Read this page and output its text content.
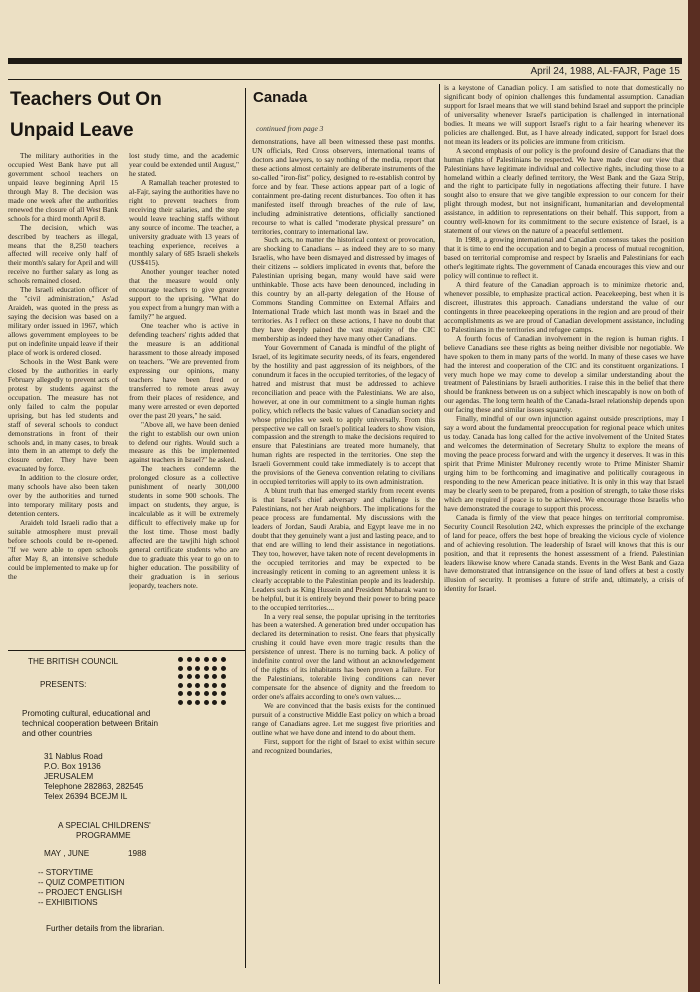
April 24, 1988, AL-FAJR, Page 15
Teachers Out On
Unpaid Leave

The military authorities in the occupied West Bank have put all government school teachers on unpaid leave beginning April 15 through May 8. The decision was made one week after the authorities renewed the closure of all West Bank schools for a third month April 8.

The decision, which was described by teachers as illegal, means that the 8,250 teachers affected will receive only half of their month's salary for April and will receive no further salary as long as schools remained closed.

The Israeli education officer of the "civil administration," As'ad Araideh, was quoted in the press as saying the decision was based on a military order issued in 1967, which allows government employees to be put on indefinite unpaid leave if their place of work is ordered closed.

Schools in the West Bank were closed by the authorities in early February allegedly to prevent acts of protest by students against the occupation. The measure has not only failed to calm the popular uprising, but has led students and staff of several schools to conduct demonstrations in front of their schools and, in many cases, to break into them in an attempt to defy the closure order. They have been evacuated by force.

In addition to the closure order, many schools have also been taken over by the authorities and turned into temporary military posts and detention centers.

Araideh told Israeli radio that a suitable atmosphere must prevail before schools could be re-opened. "If we were able to open schools after May 8, an intensive schedule could be implemented to make up for the

lost study time, and the academic year could be extended until August," he stated.

A Ramallah teacher protested to al-Fajr, saying the authorities have no right to prevent teachers from receiving their salaries, and the step would leave teaching staffs without any source of income. The teacher, a university graduate with 13 years of teaching experience, receives a monthly salary of 685 Israeli shekels (US$415).

Another younger teacher noted that the measure would only encourage teachers to give greater support to the uprising. "What do you expect from a hungry man with a family?" he argued.

One teacher who is active in defending teachers' rights added that the measure is an additional harassment to those already imposed on teachers. "We are prevented from expressing our opinions, many teachers have been fired or transferred to remote areas away from their places of residence, and many were arrested or even deported over the past 20 years," he said.

"Above all, we have been denied the right to establish our own union to defend our rights. Would such a measure as this be implemented against teachers in Israel?" he asked.

The teachers condemn the prolonged closure as a collective punishment of nearly 300,000 students in some 900 schools. The impact on students, they argue, is incalculable as it will be extremely difficult to effectively make up for the lost time. Those most badly affected are the tawjihi high school general certificate students who are due to graduate this year to go on to higher education. The possibility of their graduation is in serious jeopardy, teachers note.

THE BRITISH COUNCIL
PRESENTS:
Promoting cultural, educational and technical cooperation between Britain and other countries
31 Nablus Road
P.O. Box 19136
JERUSALEM
Telephone 282863, 282545
Telex 26394 BCEJM IL
A SPECIAL CHILDRENS'
PROGRAMME
MAY , JUNE	1988
-- STORYTIME
-- QUIZ COMPETITION
-- PROJECT ENGLISH
-- EXHIBITIONS
Further details from the librarian.
Canada
continued from page 3

demonstrations, have all been witnessed these past months. UN officials, Red Cross observers, international teams of doctors and lawyers, to say nothing of the media, report that these actions almost certainly are deliberate instruments of the so-called "iron-fist" policy, designed to re-establish control by force and by fear. These actions appear part of a logic of containment pre-dating recent disturbances. Too often it has manifested itself through breaches of the rule of law, including administrative detentions, officially sanctioned recourse to what is called "moderate physical pressure" on territories, contrary to international law.

Such acts, no matter the historical context or provocation, are shocking to Canadians -- as indeed they are to so many Israelis, who have been dismayed and distressed by images of their citizens -- soldiers implicated in events that, before the Palestinian uprising began, many would have said were unthinkable. Those acts have been denounced, including in this country by an all-party delegation of the House of Commons Standing Committee on External Affairs and International Trade which last month was in Israel and the territories. As I reflect on these actions, I have no doubt that they have deeply pained the vast majority of the CIC membership as indeed they have many other Canadians.

Your Government of Canada is mindful of the plight of Israel, of its legitimate security needs, of its fears, engendered by the hostility and past aggression of its neighbors, of the conundrum it faces in the occupied territories, of the legacy of hatred and mistrust that must be addressed to achieve reconciliation and peace with the Palestinians. We are also, however, at one in our commitment to a single human rights policy, which reflects the basic values of Canadian society and whose principles we seek to apply universally. From this perspective we call on Israel's political leaders to show vision, compassion and the strength to make the decisions required to ensure that Palestinians are treated more humanely, that human rights are respected in the territories. One step the Israeli Government could take immediately is to accept that the provisions of the Geneva convention relating to civilians in occupied territories will apply to its own administration.

A blunt truth that has emerged starkly from recent events is that Israel's chief adversary and challenge is the Palestinians, not her Arab neighbors. The implications for the peace process are fundamental. My discussions with the leaders of Jordan, Saudi Arabia, and Egypt leave me in no doubt that they genuinely want a just and lasting peace, and to that end are willing to lend their assistance in negotiations. They too, however, have taken note of recent developments in the occupied territories and may be expected to be increasingly reticent in coming to an agreement unless it is clearly acceptable to the Palestinian people and its leadership. Leaders such as King Hussein and President Mubarak want to be helpful, but it is entirely beyond their power to bring peace to the occupied territories....

In a very real sense, the popular uprising in the territories has been a watershed. A generation bred under occupation has declared its determination to resist. One fears that physically crushing it could have even more tragic results than the persistence of unrest. There is no turning back. A policy of indefinite control over the land without an acknowledgement of the rights of its inhabitants has been proven a failure. For the Palestinians, tolerable living conditions can never compensate for the absence of dignity and the freedom to order one's affairs according to one's own values....

We are convinced that the basis exists for the continued pursuit of a constructive Middle East policy on which a broad range of Canadians agree. Let me suggest five priorities and outline what we have done and intend to do about them.

First, support for the right of Israel to exist within secure and recognized boundaries,

is a keystone of Canadian policy. I am satisfied to note that domestically no significant body of opinion challenges this fundamental assumption. Canadian support for Israel means that we will stand behind Israel and support the principle of universality whenever Israel's participation is challenged in international bodies. It means we will support Israel's right to a fair hearing whenever its policies are challenged. But, as I have already indicated, support for Israel does not mean its leaders or its policies are immune from criticism.

A second emphasis of our policy is the profound desire of Canadians that the human rights of Palestinians be respected. We have made clear our view that Palestinians have legitimate individual and collective rights, including those to a homeland within a clearly defined territory, the West Bank and the Gaza Strip, and the right to participate fully in negotiations affecting their future. I have sought also to ensure that we give tangible expression to our concern for their plight through modest, but not insignificant, humanitarian and developmental assistance, in addition to representations on their behalf. This support, from a country well-known for its commitment to the secure existence of Israel, is a statement of our views on the nature of a peaceful settlement.

In 1988, a growing international and Canadian consensus takes the position that it is time to end the occupation and to begin a process of mutual recognition, based on territorial compromise and respect by Israelis and Palestinians for each other's legitimate rights. The government of Canada encourages this view and our policy will continue to reflect it.

A third feature of the Canadian approach is to minimize rhetoric and, whenever possible, to emphasize practical action. Peacekeeping, best when it is discreet, illustrates this approach. Canadians understand the value of our contingents in three peacekeeping operations in the region and are proud of their accomplishments as we are proud of Canadian development assistance, including to Palestinians in the territories and refugee camps.

A fourth focus of Canadian involvement in the region is human rights. I believe Canadians see these rights as being neither divisible nor negotiable. We have spoken to them in many parts of the world. In many of these cases we have had the interest and cooperation of the CIC and its constituent organizations. I very much hope we may come to develop a similar understanding about the treatment of Palestinians by Israeli authorities. I raise this in the belief that there should be frankness between us on a subject which inescapably is now on both of our agendas. The long term health of the Canada-Israel relationship depends upon our facing these and similar issues squarely.

Finally, mindful of our own injunction against outside prescriptions, may I say a word about the fundamental preoccupation for regional peace which unites us today. Canada has long called for the active involvement of the United States and welcomes the determination of Secretary Shultz to explore the means of moving the peace process forward and with the urgency it deserves. It was in this spirit that Prime Minister Mulroney recently wrote to Prime Minister Shamir urging him to be forthcoming and imaginative and politically courageous in responding to the new American peace initiative. It is only in this way that Israel may be clearly seen to be prepared, from a position of strength, to take those risks which are required if peace is to be achieved. We encourage those Israelis who have demonstrated the courage to support this process.

Canada is firmly of the view that peace hinges on territorial compromise. Security Council Resolution 242, which expresses the principle of the exchange of land for peace, offers the best hope of breaking the vicious cycle of violence and of achieving resolution. The leadership of Israel will knows that this is our position, and that it represents the honest assessment of a friend. Palestinian leaders likewise know where Canada stands. Events in the West Bank and Gaza have demonstrated that intransigence on the issue of land offers at best a costly illusion of security. It promises a future of strife and, ultimately, a crisis of identity for Israel.
